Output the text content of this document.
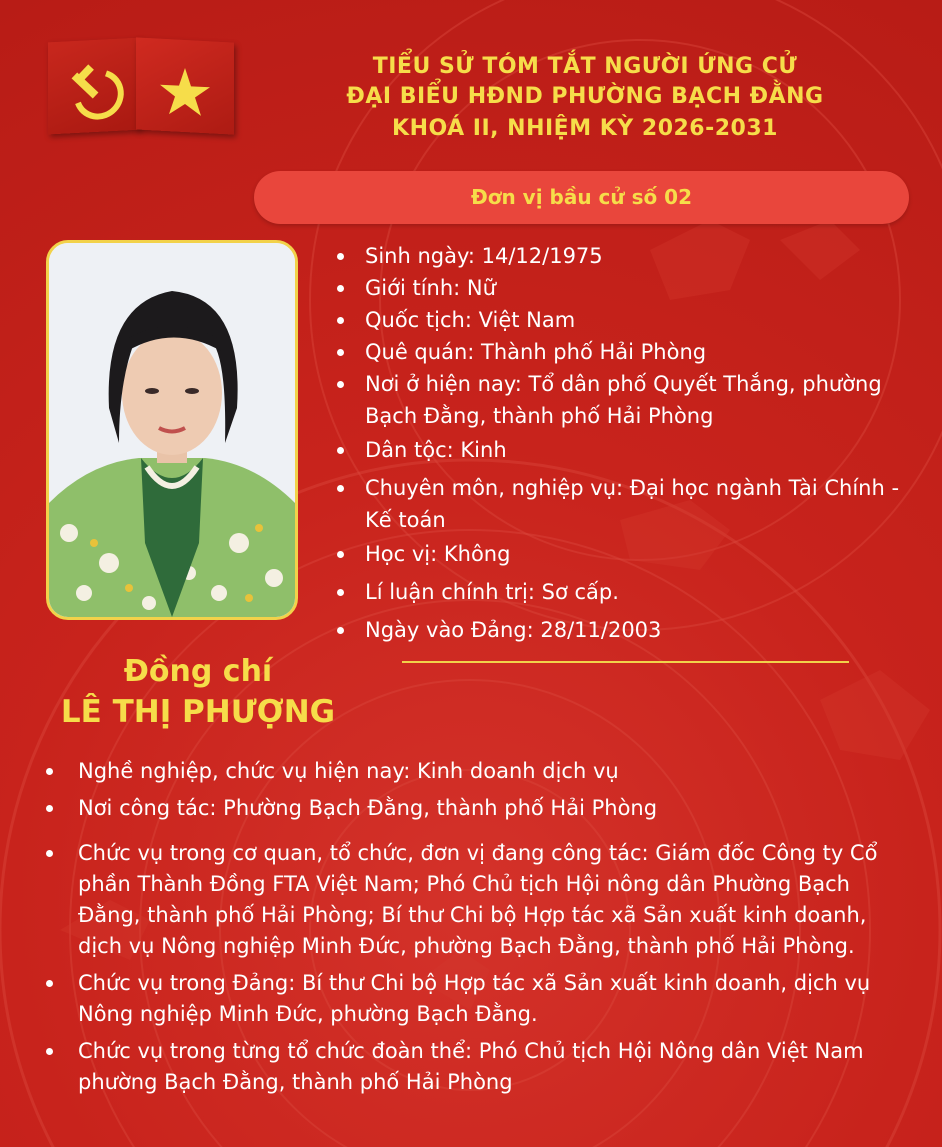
TIỂU SỬ TÓM TẮT NGƯỜI ỨNG CỬ
ĐẠI BIỂU HĐND PHƯỜNG BẠCH ĐẰNG
KHOÁ II, NHIỆM KỲ 2026-2031
Đơn vị bầu cử số 02
Sinh ngày: 14/12/1975
Giới tính: Nữ
Quốc tịch: Việt Nam
Quê quán: Thành phố Hải Phòng
Nơi ở hiện nay: Tổ dân phố Quyết Thắng, phường Bạch Đằng, thành phố Hải Phòng
Dân tộc: Kinh
Chuyên môn, nghiệp vụ: Đại học ngành Tài Chính - Kế toán
Học vị: Không
Lí luận chính trị: Sơ cấp.
Ngày vào Đảng: 28/11/2003
Đồng chí
LÊ THỊ PHƯỢNG
Nghề nghiệp, chức vụ hiện nay: Kinh doanh dịch vụ
Nơi công tác: Phường Bạch Đằng, thành phố Hải Phòng
Chức vụ trong cơ quan, tổ chức, đơn vị đang công tác: Giám đốc Công ty Cổ phần Thành Đồng FTA Việt Nam; Phó Chủ tịch Hội nông dân Phường Bạch Đằng, thành phố Hải Phòng; Bí thư Chi bộ Hợp tác xã Sản xuất kinh doanh, dịch vụ Nông nghiệp Minh Đức, phường Bạch Đằng, thành phố Hải Phòng.
Chức vụ trong Đảng: Bí thư Chi bộ Hợp tác xã Sản xuất kinh doanh, dịch vụ Nông nghiệp Minh Đức, phường Bạch Đằng.
Chức vụ trong từng tổ chức đoàn thể: Phó Chủ tịch Hội Nông dân Việt Nam phường Bạch Đằng, thành phố Hải Phòng
